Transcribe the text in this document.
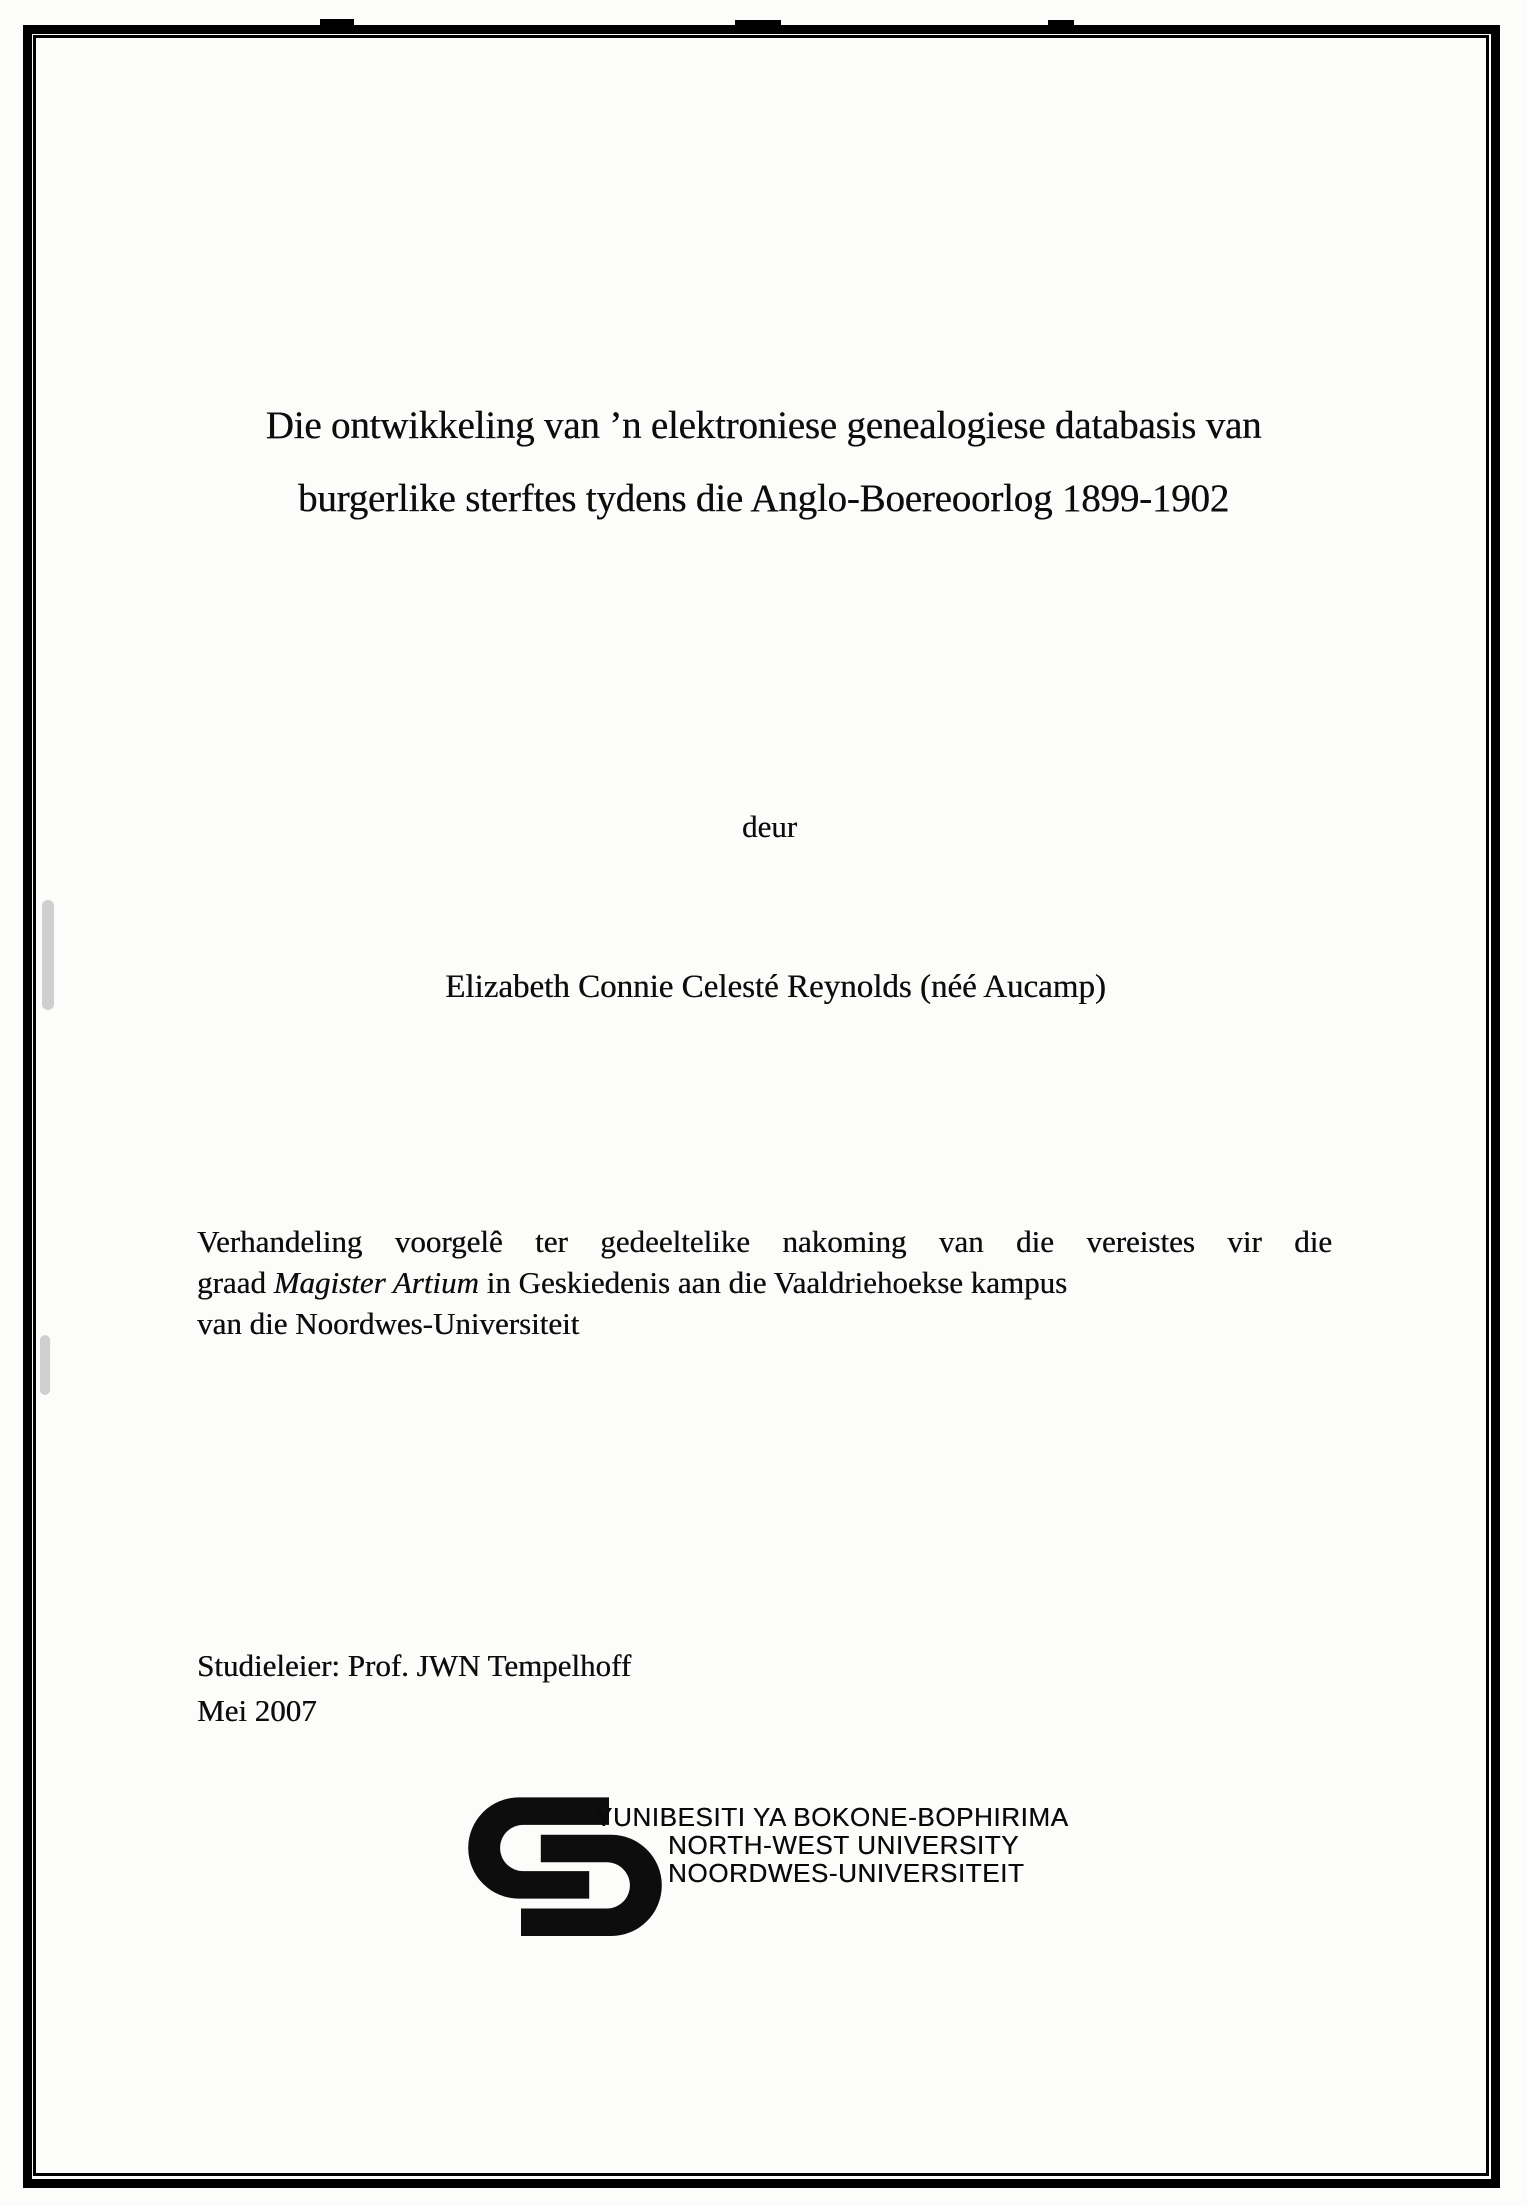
Die ontwikkeling van ’n elektroniese genealogiese databasis van
burgerlike sterftes tydens die Anglo-Boereoorlog 1899-1902

deur

Elizabeth Connie Celesté Reynolds (néé Aucamp)

Verhandeling voorgelê ter gedeeltelike nakoming van die vereistes vir die
graad Magister Artium in Geskiedenis aan die Vaaldriehoekse kampus
van die Noordwes-Universiteit

Studieleier: Prof. JWN Tempelhoff

Mei 2007

YUNIBESITI YA BOKONE-BOPHIRIMA
NORTH-WEST UNIVERSITY
NOORDWES-UNIVERSITEIT
